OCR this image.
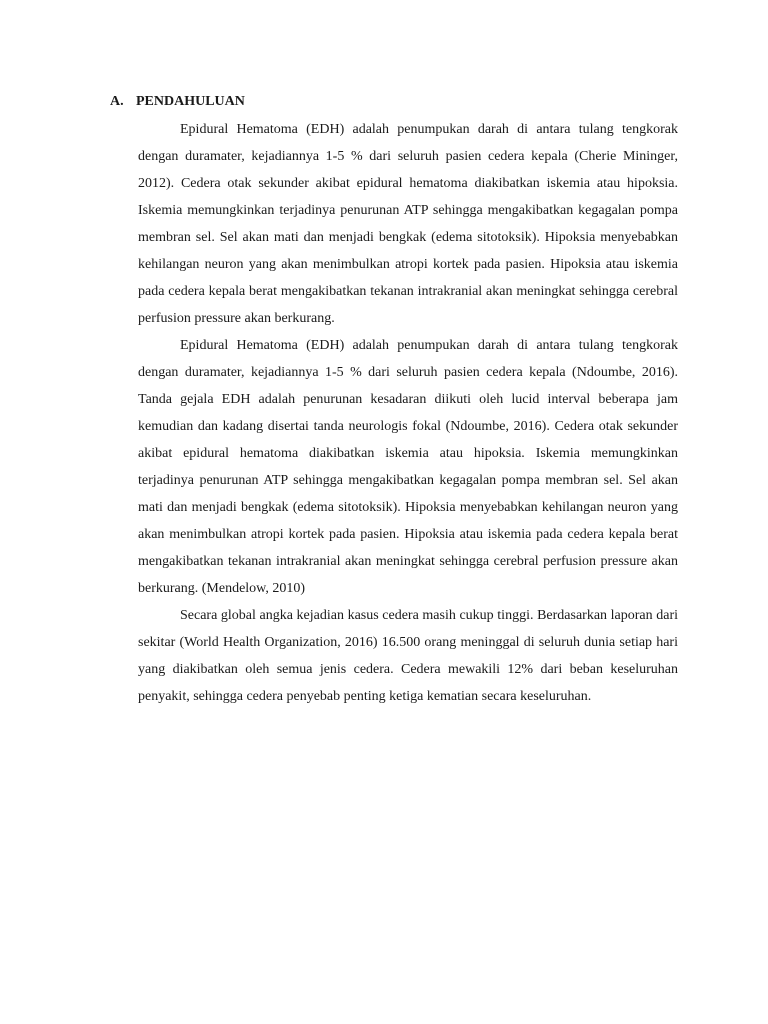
A. PENDAHULUAN

Epidural Hematoma (EDH) adalah penumpukan darah di antara tulang tengkorak dengan duramater, kejadiannya 1-5 % dari seluruh pasien cedera kepala (Cherie Mininger, 2012). Cedera otak sekunder akibat epidural hematoma diakibatkan iskemia atau hipoksia. Iskemia memungkinkan terjadinya penurunan ATP sehingga mengakibatkan kegagalan pompa membran sel. Sel akan mati dan menjadi bengkak (edema sitotoksik). Hipoksia menyebabkan kehilangan neuron yang akan menimbulkan atropi kortek pada pasien. Hipoksia atau iskemia pada cedera kepala berat mengakibatkan tekanan intrakranial akan meningkat sehingga cerebral perfusion pressure akan berkurang.

Epidural Hematoma (EDH) adalah penumpukan darah di antara tulang tengkorak dengan duramater, kejadiannya 1-5 % dari seluruh pasien cedera kepala (Ndoumbe, 2016). Tanda gejala EDH adalah penurunan kesadaran diikuti oleh lucid interval beberapa jam kemudian dan kadang disertai tanda neurologis fokal (Ndoumbe, 2016). Cedera otak sekunder akibat epidural hematoma diakibatkan iskemia atau hipoksia. Iskemia memungkinkan terjadinya penurunan ATP sehingga mengakibatkan kegagalan pompa membran sel. Sel akan mati dan menjadi bengkak (edema sitotoksik). Hipoksia menyebabkan kehilangan neuron yang akan menimbulkan atropi kortek pada pasien. Hipoksia atau iskemia pada cedera kepala berat mengakibatkan tekanan intrakranial akan meningkat sehingga cerebral perfusion pressure akan berkurang. (Mendelow, 2010)

Secara global angka kejadian kasus cedera masih cukup tinggi. Berdasarkan laporan dari sekitar (World Health Organization, 2016) 16.500 orang meninggal di seluruh dunia setiap hari yang diakibatkan oleh semua jenis cedera. Cedera mewakili 12% dari beban keseluruhan penyakit, sehingga cedera penyebab penting ketiga kematian secara keseluruhan.
